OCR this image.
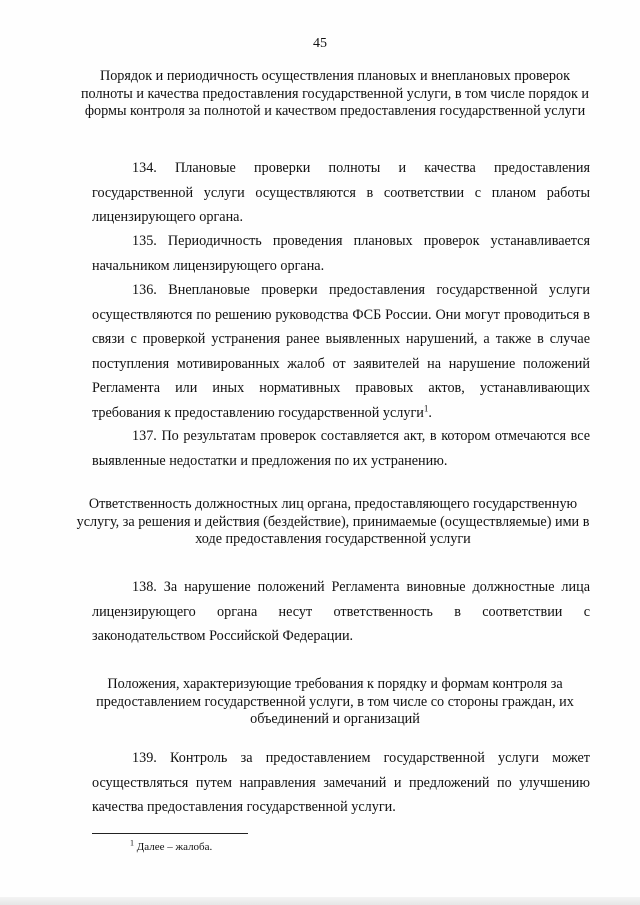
45
Порядок и периодичность осуществления плановых и внеплановых проверок полноты и качества предоставления государственной услуги, в том числе порядок и формы контроля за полнотой и качеством предоставления государственной услуги
134. Плановые проверки полноты и качества предоставления государственной услуги осуществляются в соответствии с планом работы лицензирующего органа.
135. Периодичность проведения плановых проверок устанавливается начальником лицензирующего органа.
136. Внеплановые проверки предоставления государственной услуги осуществляются по решению руководства ФСБ России. Они могут проводиться в связи с проверкой устранения ранее выявленных нарушений, а также в случае поступления мотивированных жалоб от заявителей на нарушение положений Регламента или иных нормативных правовых актов, устанавливающих требования к предоставлению государственной услуги$^1$.
137. По результатам проверок составляется акт, в котором отмечаются все выявленные недостатки и предложения по их устранению.
Ответственность должностных лиц органа, предоставляющего государственную услугу, за решения и действия (бездействие), принимаемые (осуществляемые) ими в ходе предоставления государственной услуги
138. За нарушение положений Регламента виновные должностные лица лицензирующего органа несут ответственность в соответствии с законодательством Российской Федерации.
Положения, характеризующие требования к порядку и формам контроля за предоставлением государственной услуги, в том числе со стороны граждан, их объединений и организаций
139. Контроль за предоставлением государственной услуги может осуществляться путем направления замечаний и предложений по улучшению качества предоставления государственной услуги.
$^1$ Далее – жалоба.
